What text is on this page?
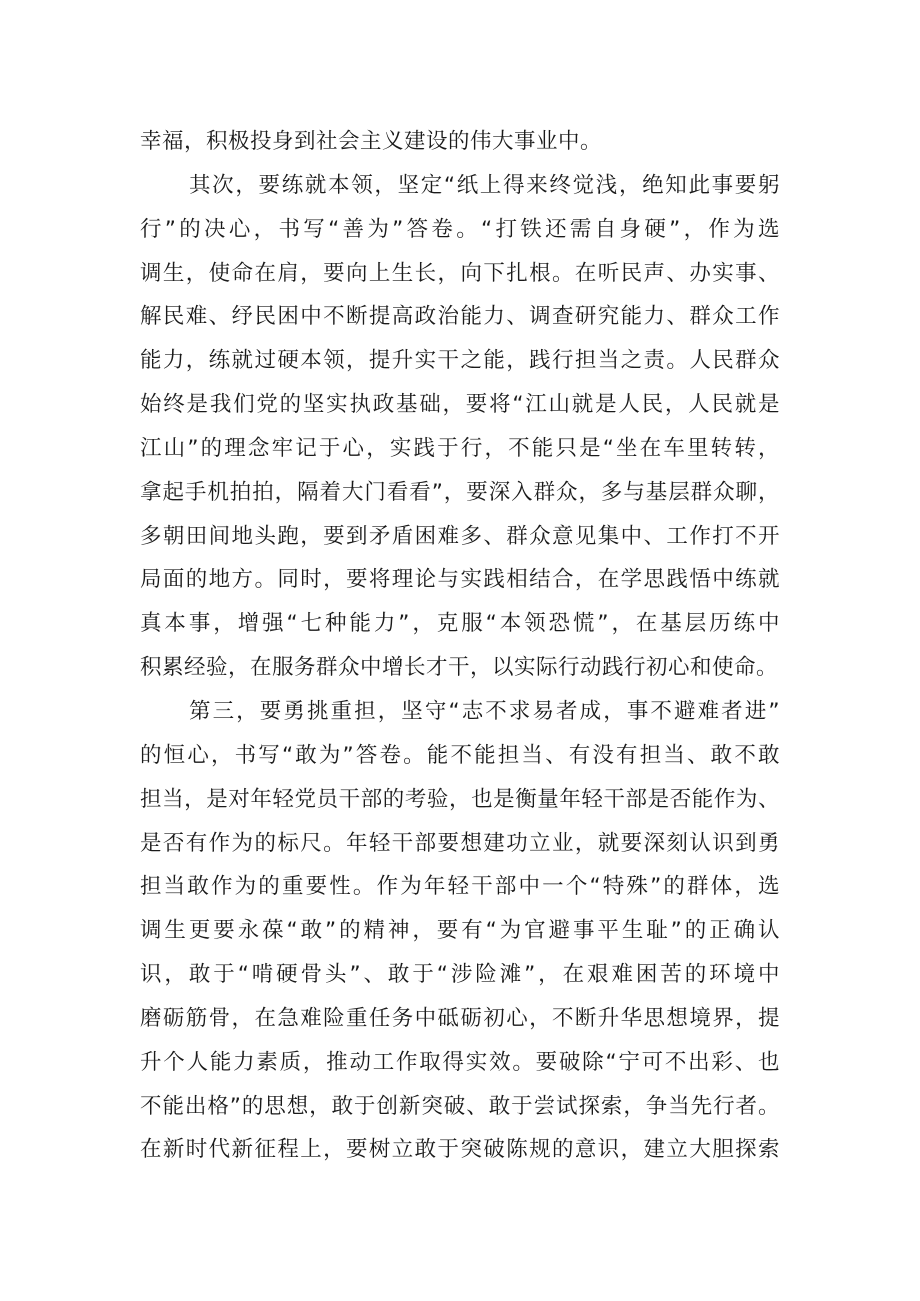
幸福，积极投身到社会主义建设的伟大事业中。
其次，要练就本领，坚定“纸上得来终觉浅，绝知此事要躬
行”的决心，书写“善为”答卷。“打铁还需自身硬”，作为选
调生，使命在肩，要向上生长，向下扎根。在听民声、办实事、
解民难、纾民困中不断提高政治能力、调查研究能力、群众工作
能力，练就过硬本领，提升实干之能，践行担当之责。人民群众
始终是我们党的坚实执政基础，要将“江山就是人民，人民就是
江山”的理念牢记于心，实践于行，不能只是“坐在车里转转，
拿起手机拍拍，隔着大门看看”，要深入群众，多与基层群众聊，
多朝田间地头跑，要到矛盾困难多、群众意见集中、工作打不开
局面的地方。同时，要将理论与实践相结合，在学思践悟中练就
真本事，增强“七种能力”，克服“本领恐慌”，在基层历练中
积累经验，在服务群众中增长才干，以实际行动践行初心和使命。
第三，要勇挑重担，坚守“志不求易者成，事不避难者进”
的恒心，书写“敢为”答卷。能不能担当、有没有担当、敢不敢
担当，是对年轻党员干部的考验，也是衡量年轻干部是否能作为、
是否有作为的标尺。年轻干部要想建功立业，就要深刻认识到勇
担当敢作为的重要性。作为年轻干部中一个“特殊”的群体，选
调生更要永葆“敢”的精神，要有“为官避事平生耻”的正确认
识，敢于“啃硬骨头”、敢于“涉险滩”，在艰难困苦的环境中
磨砺筋骨，在急难险重任务中砥砺初心，不断升华思想境界，提
升个人能力素质，推动工作取得实效。要破除“宁可不出彩、也
不能出格”的思想，敢于创新突破、敢于尝试探索，争当先行者。
在新时代新征程上，要树立敢于突破陈规的意识，建立大胆探索
